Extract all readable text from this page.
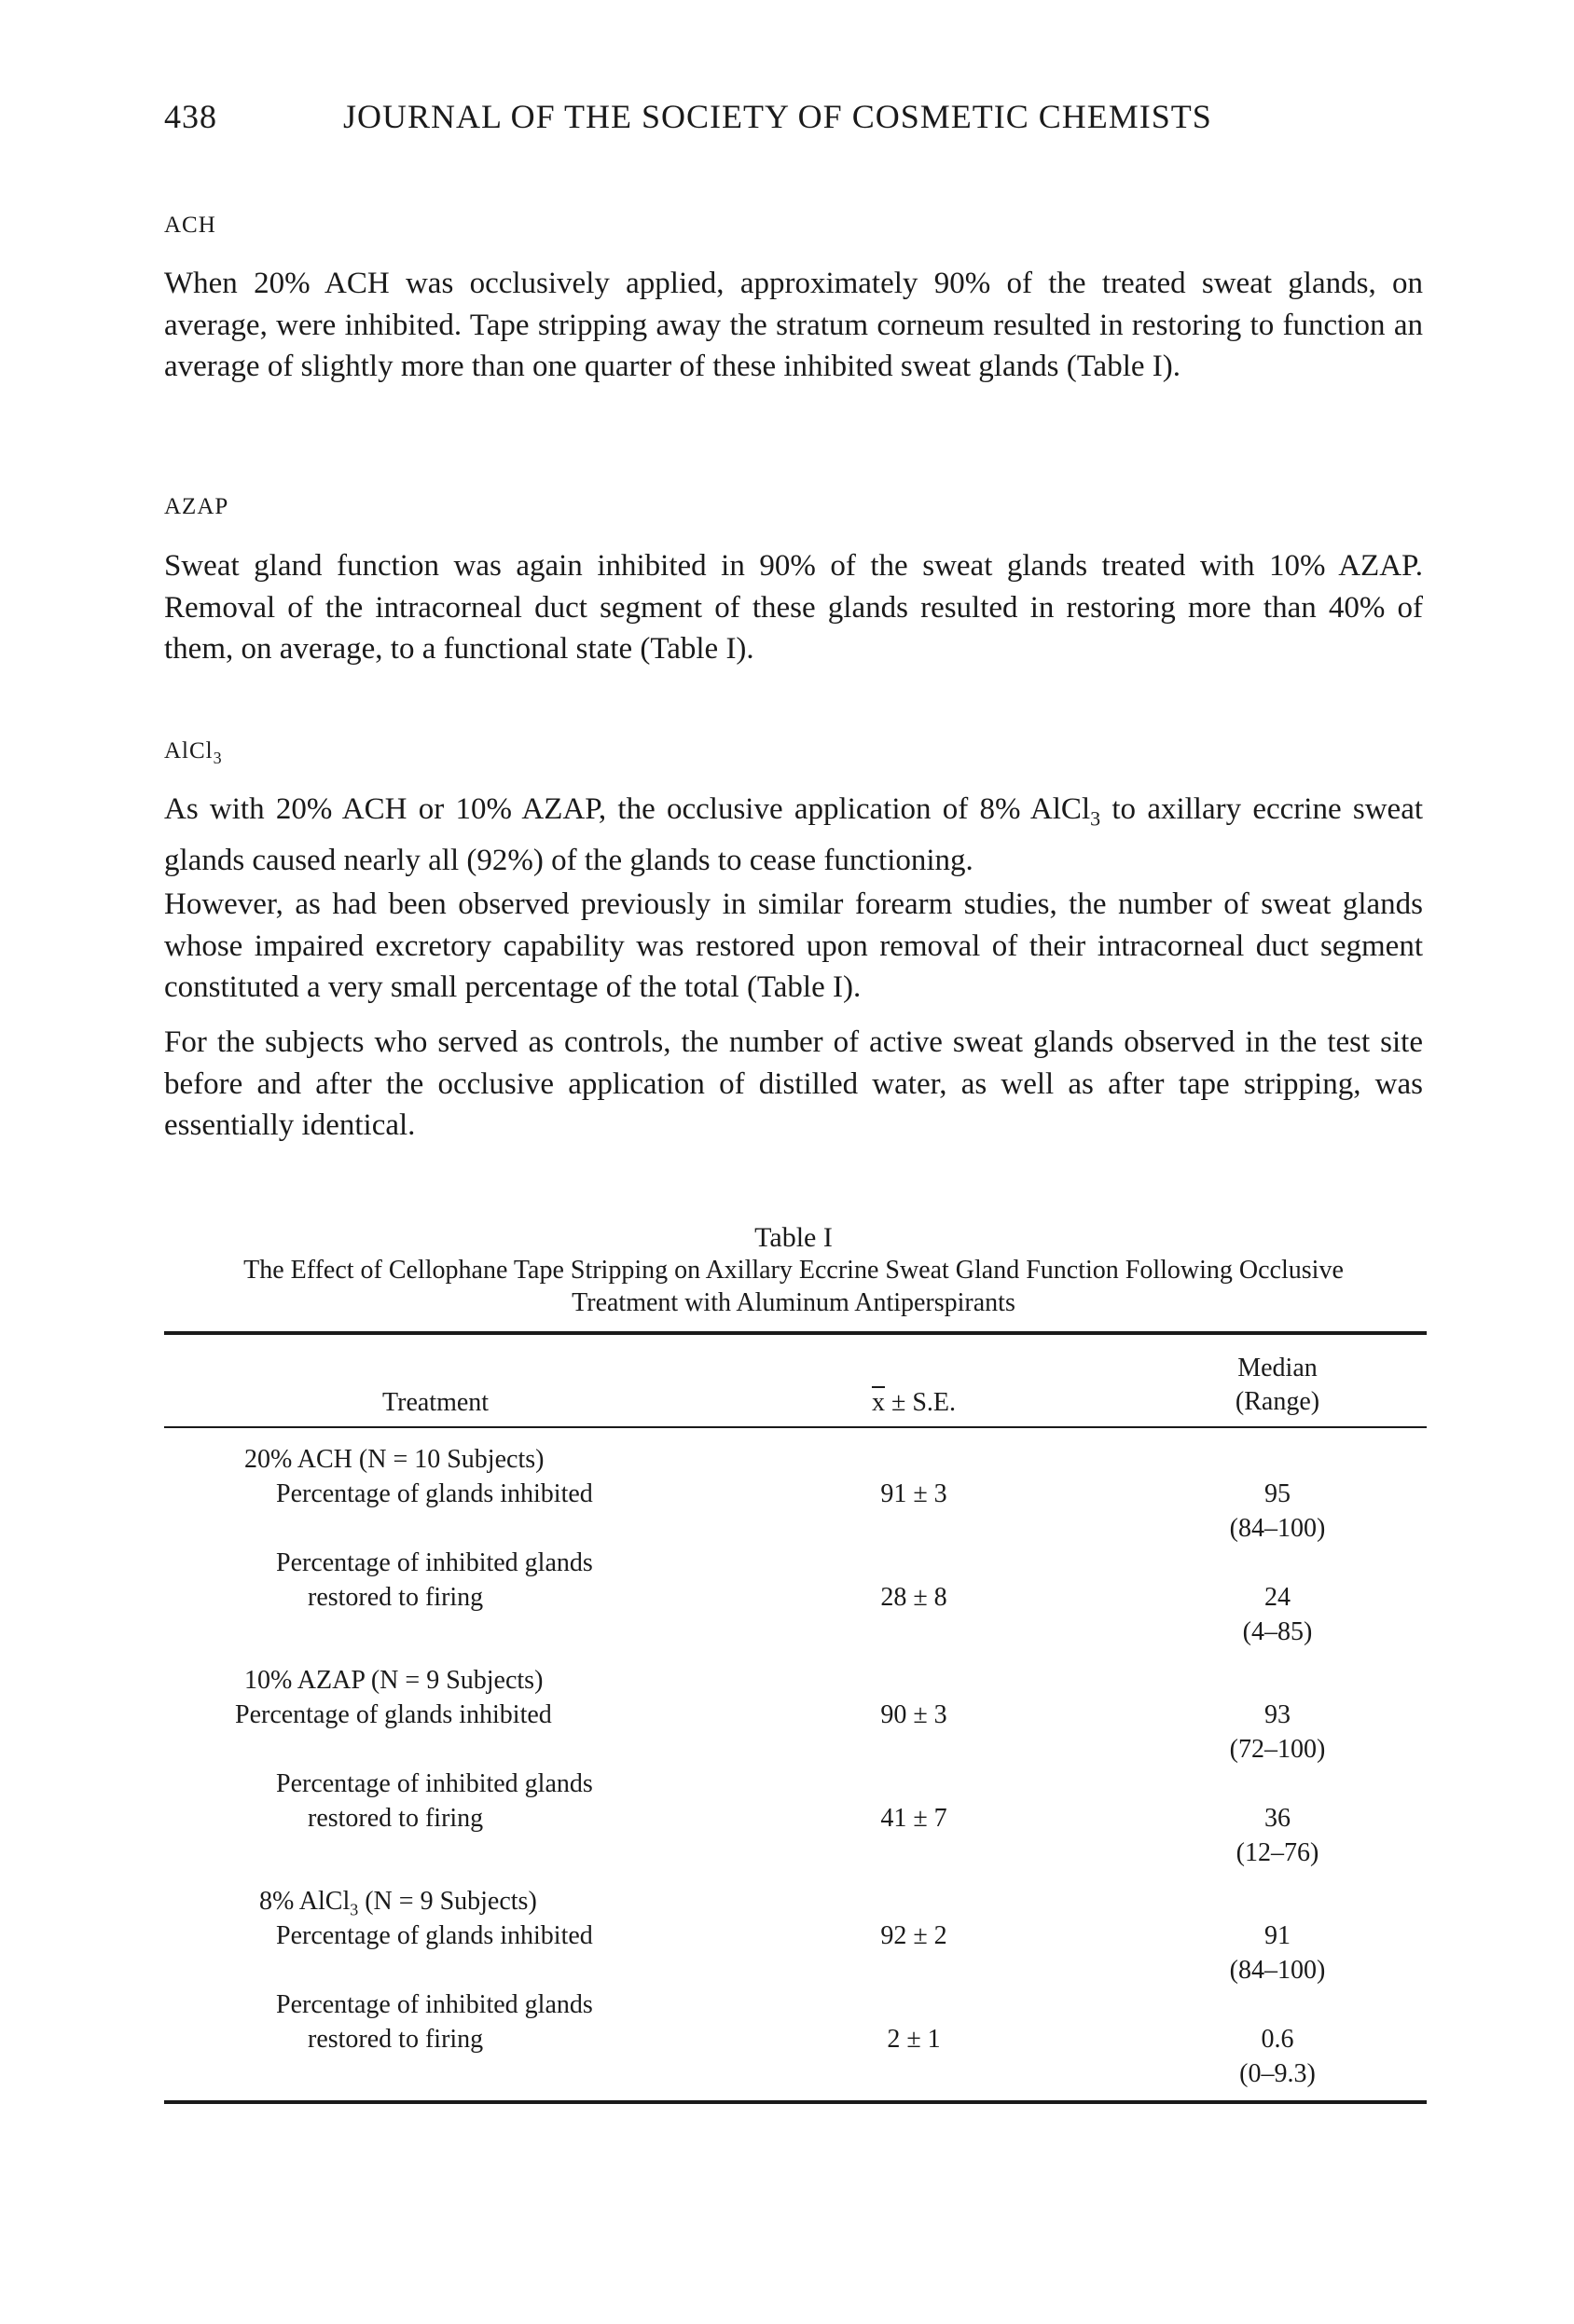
438	JOURNAL OF THE SOCIETY OF COSMETIC CHEMISTS
ACH

When 20% ACH was occlusively applied, approximately 90% of the treated sweat glands, on average, were inhibited. Tape stripping away the stratum corneum resulted in restoring to function an average of slightly more than one quarter of these inhibited sweat glands (Table I).

AZAP

Sweat gland function was again inhibited in 90% of the sweat glands treated with 10% AZAP. Removal of the intracorneal duct segment of these glands resulted in restoring more than 40% of them, on average, to a functional state (Table I).

AlCl$_3$

As with 20% ACH or 10% AZAP, the occlusive application of 8% AlCl$_3$ to axillary eccrine sweat glands caused nearly all (92%) of the glands to cease functioning.

However, as had been observed previously in similar forearm studies, the number of sweat glands whose impaired excretory capability was restored upon removal of their intracorneal duct segment constituted a very small percentage of the total (Table I).

For the subjects who served as controls, the number of active sweat glands observed in the test site before and after the occlusive application of distilled water, as well as after tape stripping, was essentially identical.

Table I
The Effect of Cellophane Tape Stripping on Axillary Eccrine Sweat Gland Function Following Occlusive
Treatment with Aluminum Antiperspirants
Treatment	$\overline{x} \pm S.E$.
Median
(Range)
20% ACH (N = 10 Subjects)
Percentage of glands inhibited	91 ± 3	95
(84–100)
Percentage of inhibited glands
restored to firing	28 ± 8	24
(4–85)
10% AZAP (N = 9 Subjects)
Percentage of glands inhibited	90 ± 3	93
(72–100)
Percentage of inhibited glands
restored to firing	41 ± 7	36
(12–76)
8% AlCl$_3$ (N = 9 Subjects)
Percentage of glands inhibited	92 ± 2	91
(84–100)
Percentage of inhibited glands
restored to firing	2 ± 1	0.6
(0–9.3)
